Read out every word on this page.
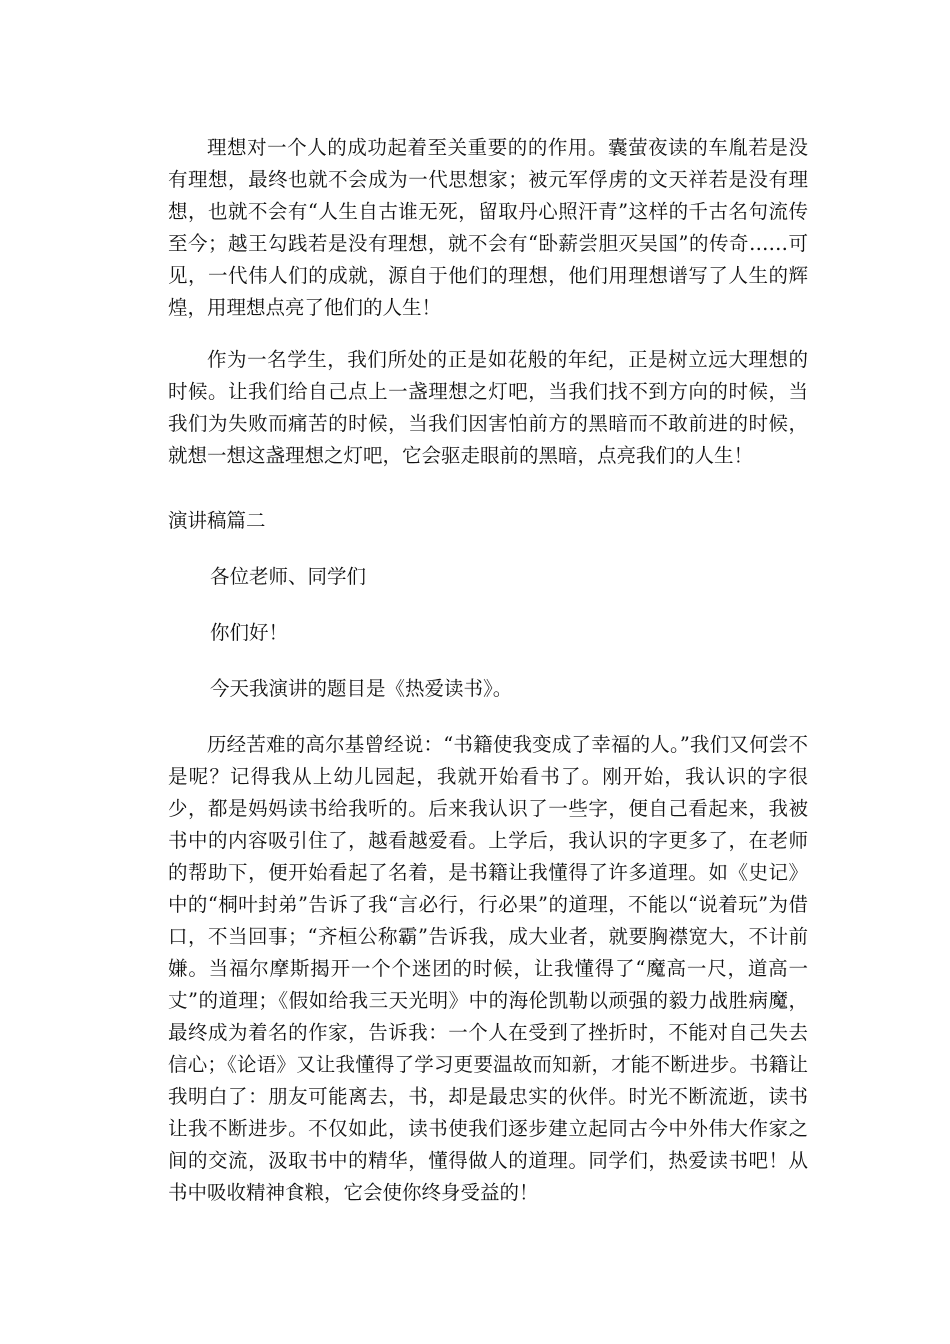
理想对一个人的成功起着至关重要的的作用。囊萤夜读的车胤若是没有理想，最终也就不会成为一代思想家；被元军俘虏的文天祥若是没有理想，也就不会有“人生自古谁无死，留取丹心照汗青”这样的千古名句流传至今；越王勾践若是没有理想，就不会有“卧薪尝胆灭吴国”的传奇……可见，一代伟人们的成就，源自于他们的理想，他们用理想谱写了人生的辉煌，用理想点亮了他们的人生！

作为一名学生，我们所处的正是如花般的年纪，正是树立远大理想的时候。让我们给自己点上一盏理想之灯吧，当我们找不到方向的时候，当我们为失败而痛苦的时候，当我们因害怕前方的黑暗而不敢前进的时候，就想一想这盏理想之灯吧，它会驱走眼前的黑暗，点亮我们的人生！

演讲稿篇二

各位老师、同学们

你们好！

今天我演讲的题目是《热爱读书》。

历经苦难的高尔基曾经说：“书籍使我变成了幸福的人。”我们又何尝不是呢？记得我从上幼儿园起，我就开始看书了。刚开始，我认识的字很少，都是妈妈读书给我听的。后来我认识了一些字，便自己看起来，我被书中的内容吸引住了，越看越爱看。上学后，我认识的字更多了，在老师的帮助下，便开始看起了名着，是书籍让我懂得了许多道理。如《史记》中的“桐叶封弟”告诉了我“言必行，行必果”的道理，不能以“说着玩”为借口，不当回事；“齐桓公称霸”告诉我，成大业者，就要胸襟宽大，不计前嫌。当福尔摩斯揭开一个个迷团的时候，让我懂得了“魔高一尺，道高一丈”的道理；《假如给我三天光明》中的海伦凯勒以顽强的毅力战胜病魔，最终成为着名的作家，告诉我：一个人在受到了挫折时，不能对自己失去信心；《论语》又让我懂得了学习更要温故而知新，才能不断进步。书籍让我明白了：朋友可能离去，书，却是最忠实的伙伴。时光不断流逝，读书让我不断进步。不仅如此，读书使我们逐步建立起同古今中外伟大作家之间的交流，汲取书中的精华，懂得做人的道理。同学们，热爱读书吧！从书中吸收精神食粮，它会使你终身受益的！
